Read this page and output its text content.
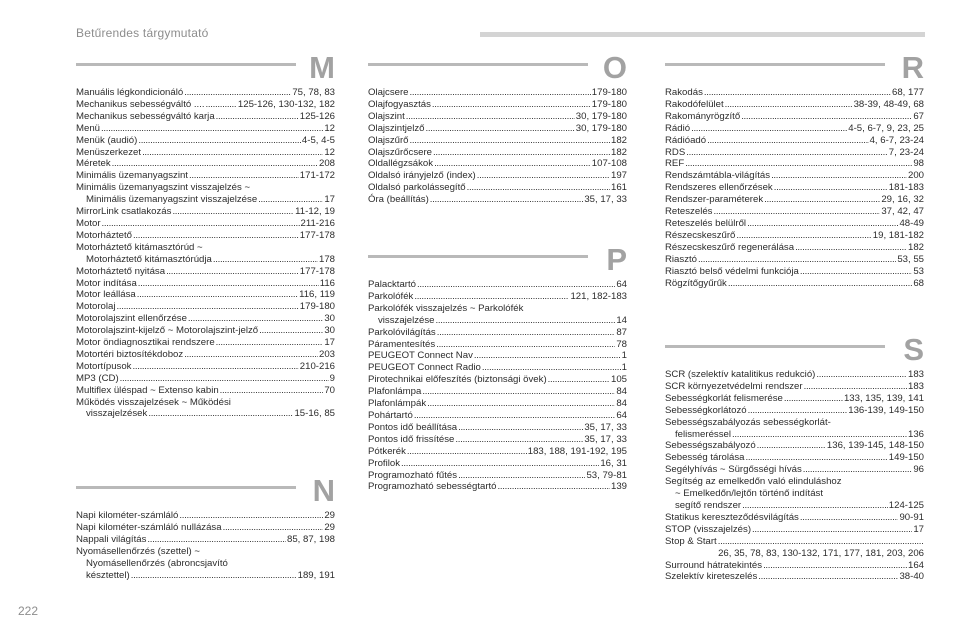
Betűrendes tárgymutató
M
Manuális légkondicionáló .....	75, 78, 83
Mechanikus sebességváltó .... .....	125-126, 130-132, 182
Mechanikus sebességváltó karja .....	125-126
Menü .....	12
Menük (audió) .....	4-5, 4-5
Menüszerkezet .....	12
Méretek .....	208
Minimális üzemanyagszint .....	171-172
Minimális üzemanyagszint visszajelzés ~
Minimális üzemanyagszint visszajelzése .....	17
MirrorLink csatlakozás .....	11-12, 19
Motor .....	211-216
Motorháztető .....	177-178
Motorháztető kitámasztórúd ~
Motorháztető kitámasztórúdja .....	178
Motorháztető nyitása .....	177-178
Motor indítása .....	116
Motor leállása .....	116, 119
Motorolaj .....	179-180
Motorolajszint ellenőrzése .....	30
Motorolajszint-kijelző ~ Motorolajszint-jelző .....	30
Motor öndiagnosztikai rendszere .....	17
Motortéri biztosítékdoboz .....	203
Motortípusok .....	210-216
MP3 (CD) .....	9
Multiflex üléspad ~ Extenso kabin .....	70
Működés visszajelzések ~ Működési
visszajelzések .....	15-16, 85
N
Napi kilométer-számláló .....	29
Napi kilométer-számláló nullázása .....	29
Nappali világítás .....	85, 87, 198
Nyomásellenőrzés (szettel) ~
Nyomásellenőrzés (abroncsjavító
késztettel) .....	189, 191
O
Olajcsere .....	179-180
Olajfogyasztás .....	179-180
Olajszint .....	30, 179-180
Olajszintjelző .....	30, 179-180
Olajszűrő .....	182
Olajszűrőcsere .....	182
Oldallégzsákok .....	107-108
Oldalsó irányjelző (index) .....	197
Oldalsó parkolássegítő .....	161
Óra (beállítás) .....	35, 17, 33
P
Palacktartó .....	64
Parkolófék .....	121, 182-183
Parkolófék visszajelzés ~ Parkolófék
visszajelzése .....	14
Parkolóvilágítás .....	87
Páramentesítés .....	78
PEUGEOT Connect Nav .....	1
PEUGEOT Connect Radio .....	1
Pirotechnikai előfeszítés (biztonsági övek) .....	105
Plafonlámpa .....	84
Plafonlámpák .....	84
Pohártartó .....	64
Pontos idő beállítása .....	35, 17, 33
Pontos idő frissítése .....	35, 17, 33
Pótkerék .....	183, 188, 191-192, 195
Profilok .....	16, 31
Programozható fűtés .....	53, 79-81
Programozható sebességtartó .....	139
R
Rakodás .....	68, 177
Rakodófelület .....	38-39, 48-49, 68
Rakományrögzítő .....	67
Rádió .....	4-5, 6-7, 9, 23, 25
Rádióadó .....	4, 6-7, 23-24
RDS .....	7, 23-24
REF .....	98
Rendszámtábla-világítás .....	200
Rendszeres ellenőrzések .....	181-183
Rendszer-paraméterek .....	29, 16, 32
Reteszelés .....	37, 42, 47
Reteszelés belülről .....	48-49
Részecskeszűrő .....	19, 181-182
Részecskeszűrő regenerálása .....	182
Riasztó .....	53, 55
Riasztó belső védelmi funkciója .....	53
Rögzítőgyűrűk .....	68
S
SCR (szelektív katalitikus redukció) .....	183
SCR környezetvédelmi rendszer .....	183
Sebességkorlát felismerése .....	133, 135, 139, 141
Sebességkorlátozó .....	136-139, 149-150
Sebességszabályozás sebességkorlát-
felismeréssel .....	136
Sebességszabályozó .....	136, 139-145, 148-150
Sebesség tárolása .....	149-150
Segélyhívás ~ Sürgősségi hívás .....	96
Segítség az emelkedőn való elinduláshoz
~ Emelkedőn/lejtőn történő indítást
segítő rendszer .....	124-125
Statikus kereszteződésvilágítás .....	90-91
STOP (visszajelzés) .....	17
Stop & Start
.....
26, 35, 78, 83, 130-132, 171, 177, 181, 203, 206
Surround hátratekintés .....	164
Szelektív kireteszelés .....	38-40
222
